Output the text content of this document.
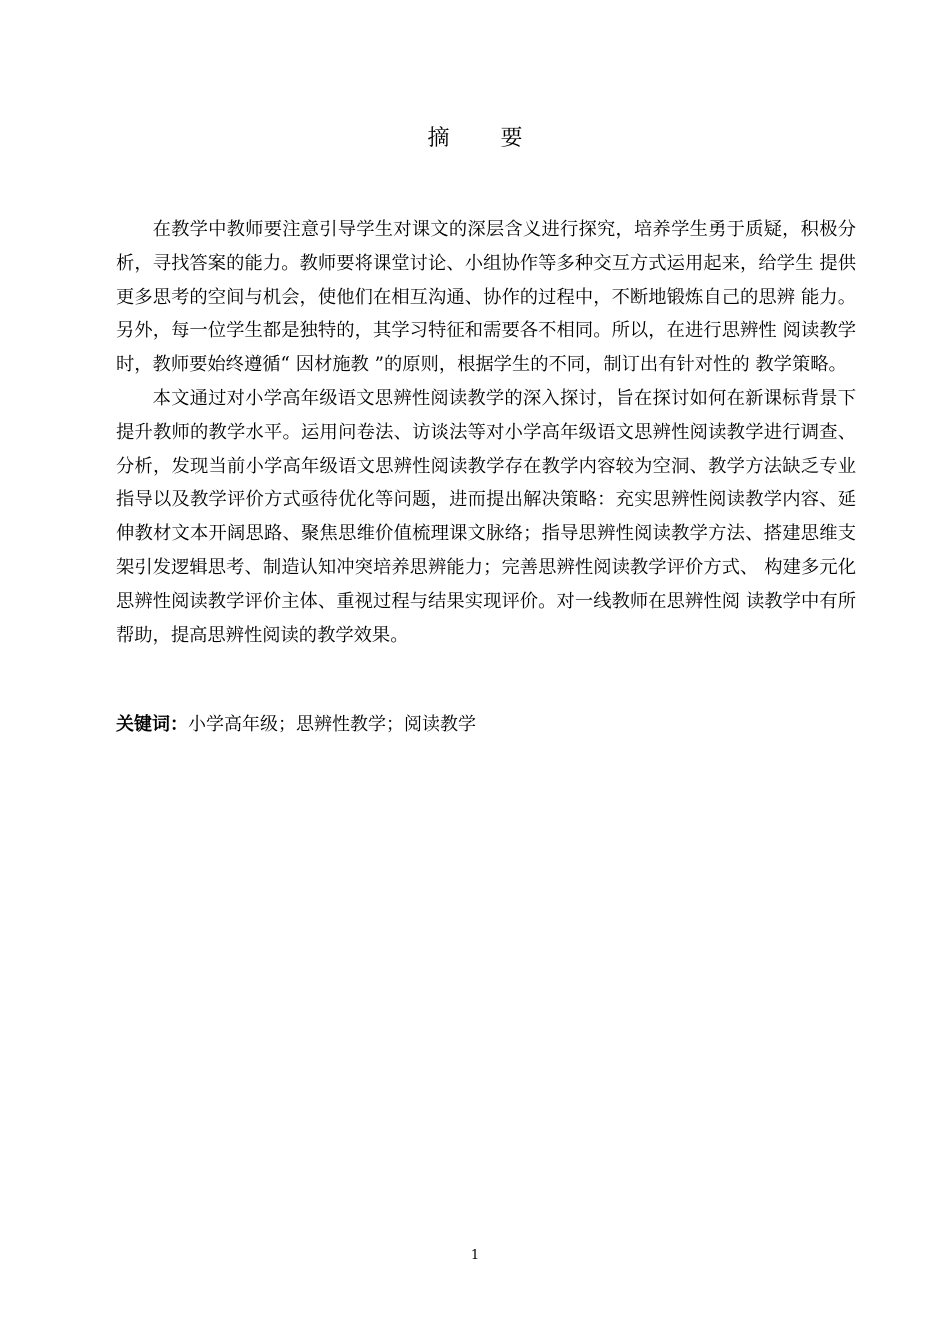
摘 要

在教学中教师要注意引导学生对课文的深层含义进行探究，培养学生勇于质疑，积极分析，寻找答案的能力。教师要将课堂讨论、小组协作等多种交互方式运用起来，给学生 提供更多思考的空间与机会，使他们在相互沟通、协作的过程中，不断地锻炼自己的思辨 能力。另外，每一位学生都是独特的，其学习特征和需要各不相同。所以，在进行思辨性 阅读教学时，教师要始终遵循“ 因材施教 ”的原则，根据学生的不同，制订出有针对性的 教学策略。

本文通过对小学高年级语文思辨性阅读教学的深入探讨，旨在探讨如何在新课标背景下提升教师的教学水平。运用问卷法、访谈法等对小学高年级语文思辨性阅读教学进行调查、分析，发现当前小学高年级语文思辨性阅读教学存在教学内容较为空洞、教学方法缺乏专业指导以及教学评价方式亟待优化等问题，进而提出解决策略：充实思辨性阅读教学内容、延伸教材文本开阔思路、聚焦思维价值梳理课文脉络；指导思辨性阅读教学方法、搭建思维支架引发逻辑思考、制造认知冲突培养思辨能力；完善思辨性阅读教学评价方式、 构建多元化思辨性阅读教学评价主体、重视过程与结果实现评价。对一线教师在思辨性阅 读教学中有所帮助，提高思辨性阅读的教学效果。

关键词：小学高年级；思辨性教学；阅读教学
1
